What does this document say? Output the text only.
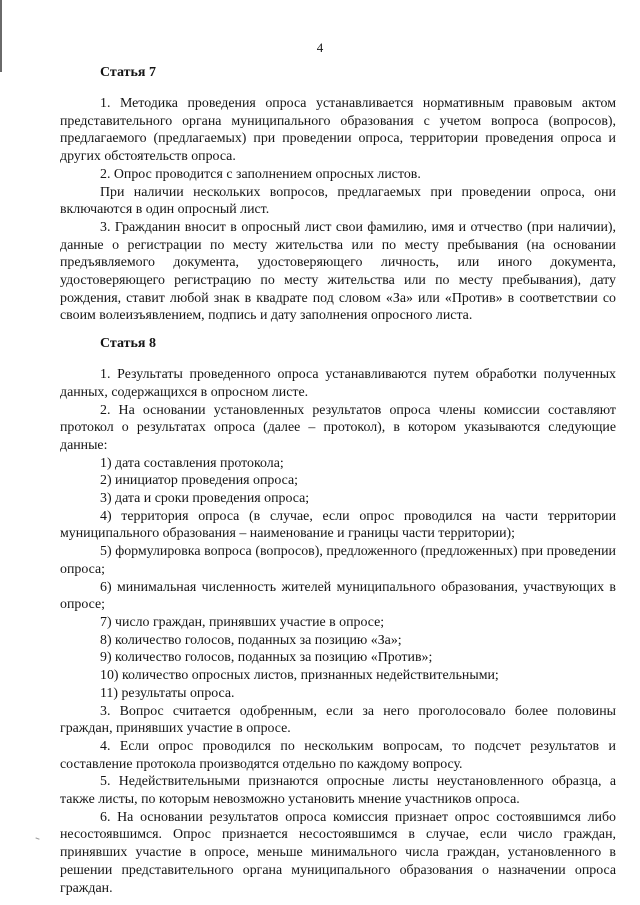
4
Статья 7

1. Методика проведения опроса устанавливается нормативным правовым актом представительного органа муниципального образования с учетом вопроса (вопросов), предлагаемого (предлагаемых) при проведении опроса, территории проведения опроса и других обстоятельств опроса.

2. Опрос проводится с заполнением опросных листов.

При наличии нескольких вопросов, предлагаемых при проведении опроса, они включаются в один опросный лист.

3. Гражданин вносит в опросный лист свои фамилию, имя и отчество (при наличии), данные о регистрации по месту жительства или по месту пребывания (на основании предъявляемого документа, удостоверяющего личность, или иного документа, удостоверяющего регистрацию по месту жительства или по месту пребывания), дату рождения, ставит любой знак в квадрате под словом «За» или «Против» в соответствии со своим волеизъявлением, подпись и дату заполнения опросного листа.

Статья 8

1. Результаты проведенного опроса устанавливаются путем обработки полученных данных, содержащихся в опросном листе.

2. На основании установленных результатов опроса члены комиссии составляют протокол о результатах опроса (далее – протокол), в котором указываются следующие данные:

1) дата составления протокола;

2) инициатор проведения опроса;

3) дата и сроки проведения опроса;

4) территория опроса (в случае, если опрос проводился на части территории муниципального образования – наименование и границы части территории);

5) формулировка вопроса (вопросов), предложенного (предложенных) при проведении опроса;

6) минимальная численность жителей муниципального образования, участвующих в опросе;

7) число граждан, принявших участие в опросе;

8) количество голосов, поданных за позицию «За»;

9) количество голосов, поданных за позицию «Против»;

10) количество опросных листов, признанных недействительными;

11) результаты опроса.

3. Вопрос считается одобренным, если за него проголосовало более половины граждан, принявших участие в опросе.

4. Если опрос проводился по нескольким вопросам, то подсчет результатов и составление протокола производятся отдельно по каждому вопросу.

5. Недействительными признаются опросные листы неустановленного образца, а также листы, по которым невозможно установить мнение участников опроса.

6. На основании результатов опроса комиссия признает опрос состоявшимся либо несостоявшимся. Опрос признается несостоявшимся в случае, если число граждан, принявших участие в опросе, меньше минимального числа граждан, установленного в решении представительного органа муниципального образования о назначении опроса граждан.
